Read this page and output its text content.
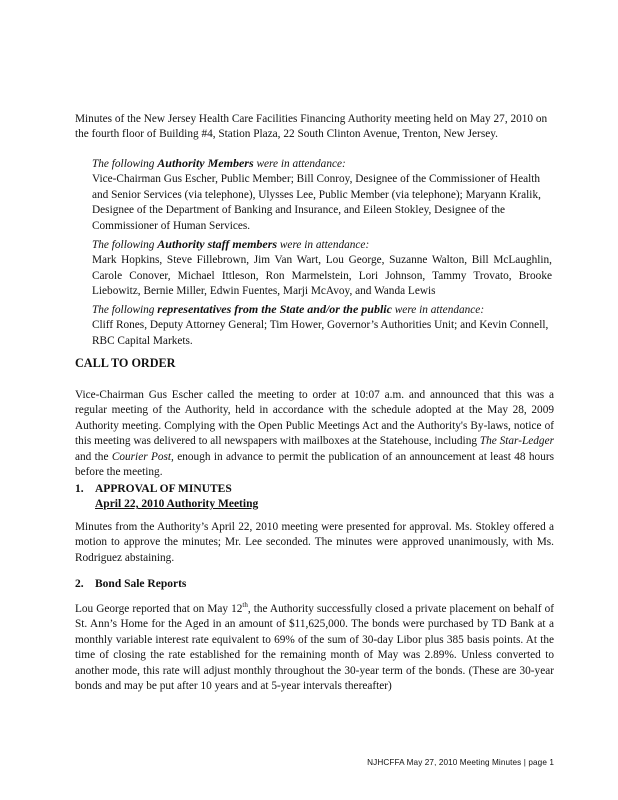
Minutes of the New Jersey Health Care Facilities Financing Authority meeting held on May 27, 2010 on the fourth floor of Building #4, Station Plaza, 22 South Clinton Avenue, Trenton, New Jersey.

The following Authority Members were in attendance:

Vice-Chairman Gus Escher, Public Member; Bill Conroy, Designee of the Commissioner of Health and Senior Services (via telephone), Ulysses Lee, Public Member (via telephone); Maryann Kralik, Designee of the Department of Banking and Insurance, and Eileen Stokley, Designee of the Commissioner of Human Services.

The following Authority staff members were in attendance:

Mark Hopkins, Steve Fillebrown, Jim Van Wart, Lou George, Suzanne Walton, Bill McLaughlin, Carole Conover, Michael Ittleson, Ron Marmelstein, Lori Johnson, Tammy Trovato, Brooke Liebowitz, Bernie Miller, Edwin Fuentes, Marji McAvoy, and Wanda Lewis

The following representatives from the State and/or the public were in attendance:

Cliff Rones, Deputy Attorney General; Tim Hower, Governor’s Authorities Unit; and Kevin Connell, RBC Capital Markets.

CALL TO ORDER

Vice-Chairman Gus Escher called the meeting to order at 10:07 a.m. and announced that this was a regular meeting of the Authority, held in accordance with the schedule adopted at the May 28, 2009 Authority meeting. Complying with the Open Public Meetings Act and the Authority's By-laws, notice of this meeting was delivered to all newspapers with mailboxes at the Statehouse, including The Star-Ledger and the Courier Post, enough in advance to permit the publication of an announcement at least 48 hours before the meeting.

1. APPROVAL OF MINUTES
April 22, 2010 Authority Meeting

Minutes from the Authority’s April 22, 2010 meeting were presented for approval. Ms. Stokley offered a motion to approve the minutes; Mr. Lee seconded. The minutes were approved unanimously, with Ms. Rodriguez abstaining.

2. Bond Sale Reports

Lou George reported that on May 12th, the Authority successfully closed a private placement on behalf of St. Ann’s Home for the Aged in an amount of $11,625,000. The bonds were purchased by TD Bank at a monthly variable interest rate equivalent to 69% of the sum of 30-day Libor plus 385 basis points. At the time of closing the rate established for the remaining month of May was 2.89%. Unless converted to another mode, this rate will adjust monthly throughout the 30-year term of the bonds. (These are 30-year bonds and may be put after 10 years and at 5-year intervals thereafter)

NJHCFFA May 27, 2010 Meeting Minutes | page 1
